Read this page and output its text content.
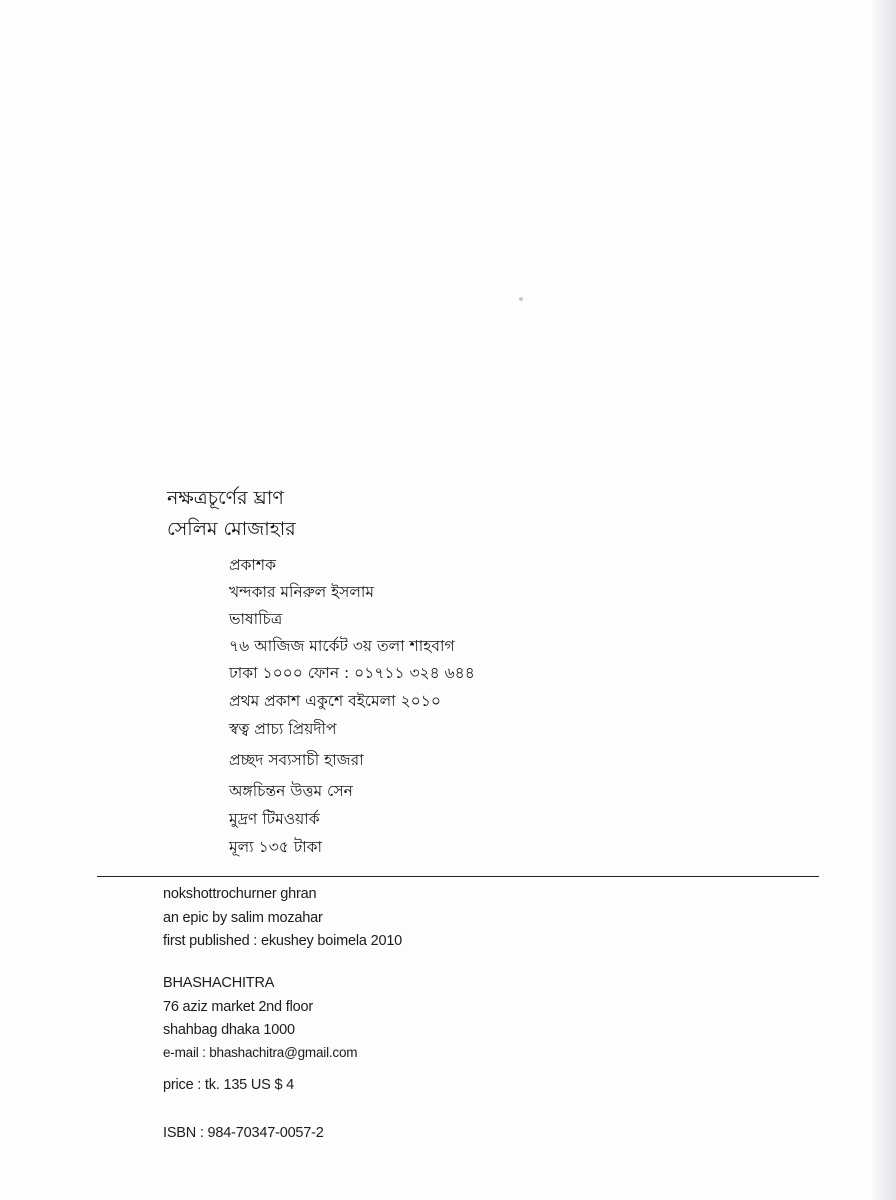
নক্ষত্রচূর্ণের ঘ্রাণ
সেলিম মোজাহার
প্রকাশক
খন্দকার মনিরুল ইসলাম
ভাষাচিত্র
৭৬ আজিজ মার্কেট ৩য় তলা শাহবাগ
ঢাকা ১০০০ ফোন : ০১৭১১ ৩২৪ ৬৪৪
প্রথম প্রকাশ একুশে বইমেলা ২০১০
স্বত্ব প্রাচ্য প্রিয়দীপ
প্রচ্ছদ সব্যসাচী হাজরা
অঙ্গচিন্তন উত্তম সেন
মুদ্রণ টিমওয়ার্ক
মূল্য ১৩৫ টাকা
nokshottrochurner ghran
an epic by salim mozahar
first published : ekushey boimela 2010
BHASHACHITRA
76 aziz market 2nd floor
shahbag dhaka 1000
e-mail : bhashachitra@gmail.com
price : tk. 135 US $ 4
ISBN : 984-70347-0057-2
